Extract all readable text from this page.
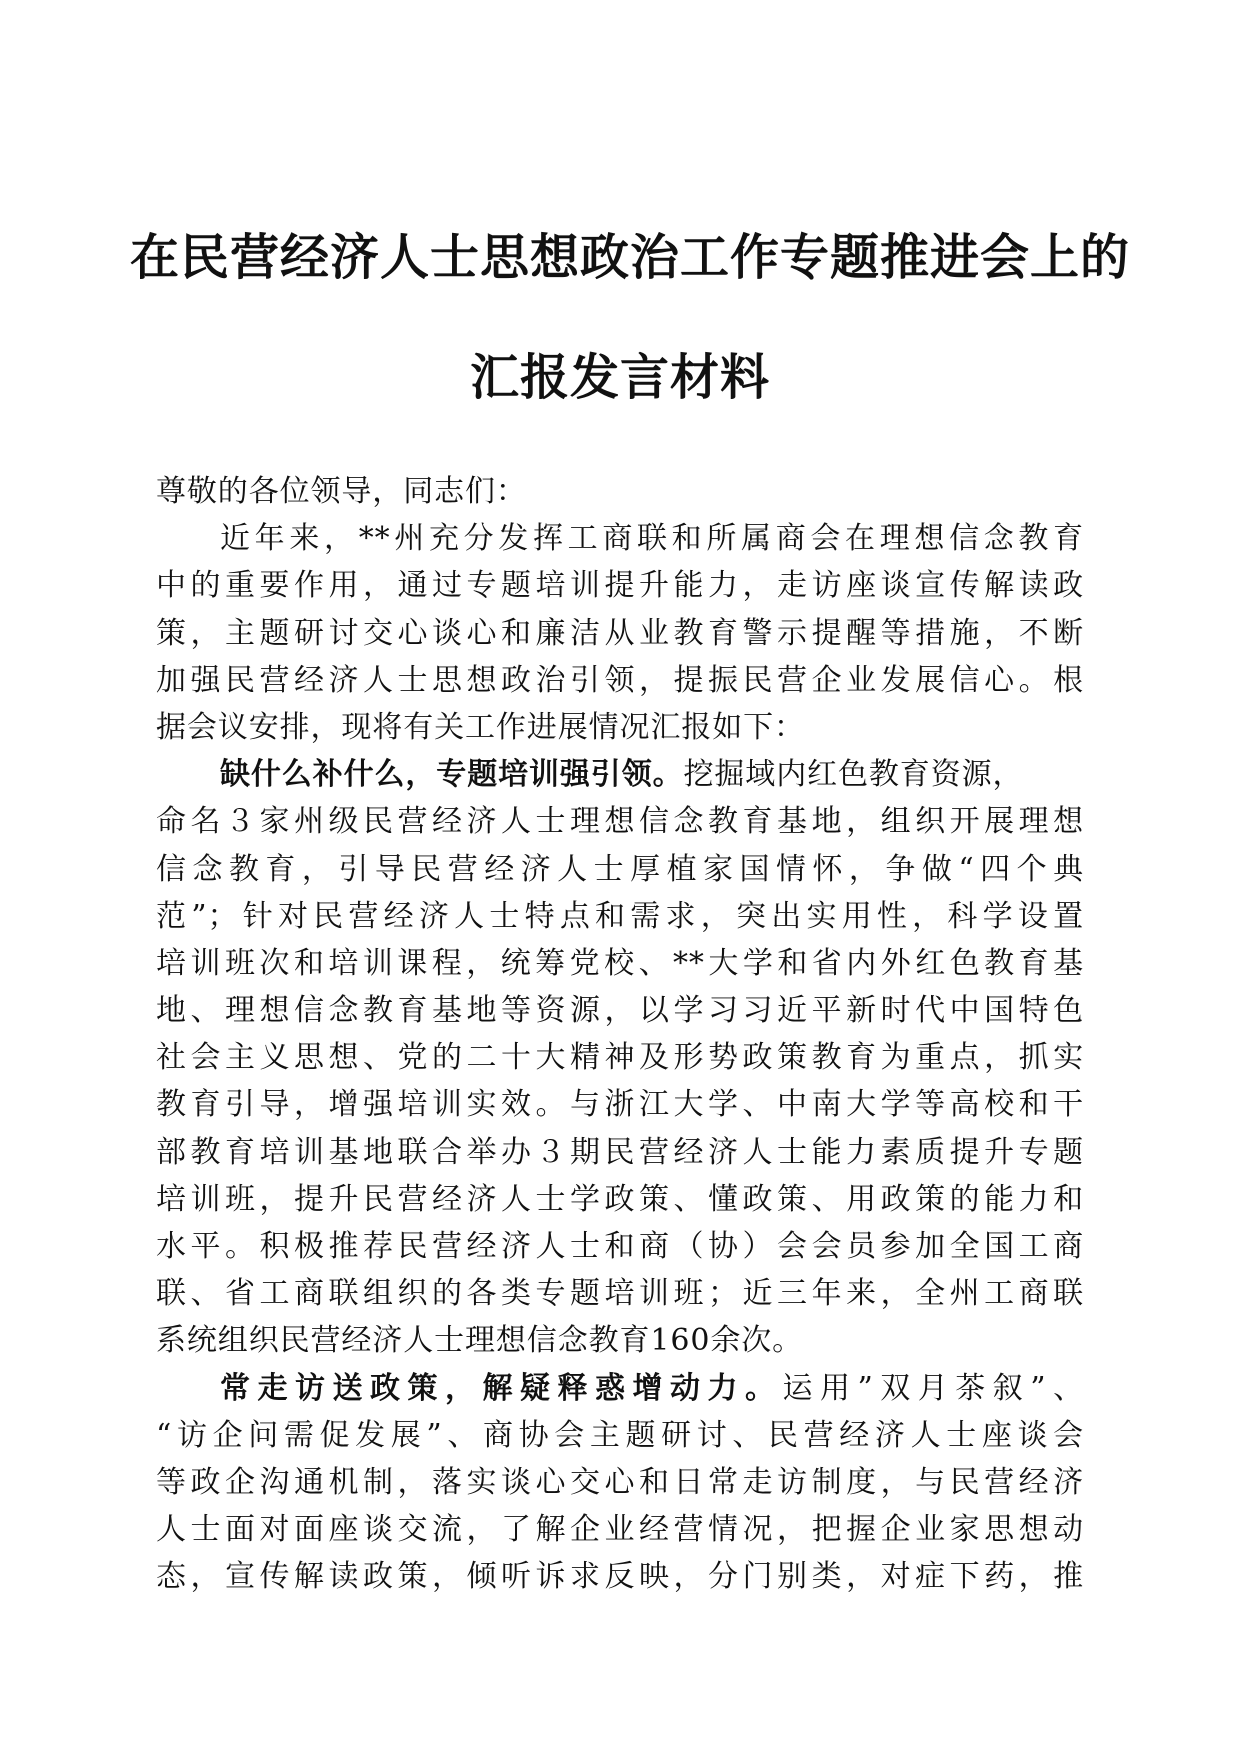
在民营经济人士思想政治工作专题推进会上的
汇报发言材料
尊敬的各位领导，同志们：
近年来，**州充分发挥工商联和所属商会在理想信念教育
中的重要作用，通过专题培训提升能力，走访座谈宣传解读政
策，主题研讨交心谈心和廉洁从业教育警示提醒等措施，不断
加强民营经济人士思想政治引领，提振民营企业发展信心。根
据会议安排，现将有关工作进展情况汇报如下：
缺什么补什么，专题培训强引领。挖掘域内红色教育资源，
命名３家州级民营经济人士理想信念教育基地，组织开展理想
信念教育，引导民营经济人士厚植家国情怀，争做“四个典
范”；针对民营经济人士特点和需求，突出实用性，科学设置
培训班次和培训课程，统筹党校、**大学和省内外红色教育基
地、理想信念教育基地等资源，以学习习近平新时代中国特色
社会主义思想、党的二十大精神及形势政策教育为重点，抓实
教育引导，增强培训实效。与浙江大学、中南大学等高校和干
部教育培训基地联合举办３期民营经济人士能力素质提升专题
培训班，提升民营经济人士学政策、懂政策、用政策的能力和
水平。积极推荐民营经济人士和商（协）会会员参加全国工商
联、省工商联组织的各类专题培训班；近三年来，全州工商联
系统组织民营经济人士理想信念教育160余次。
常走访送政策，解疑释惑增动力。运用”双月茶叙”、
“访企问需促发展”、商协会主题研讨、民营经济人士座谈会
等政企沟通机制，落实谈心交心和日常走访制度，与民营经济
人士面对面座谈交流，了解企业经营情况，把握企业家思想动
态，宣传解读政策，倾听诉求反映，分门别类，对症下药，推
